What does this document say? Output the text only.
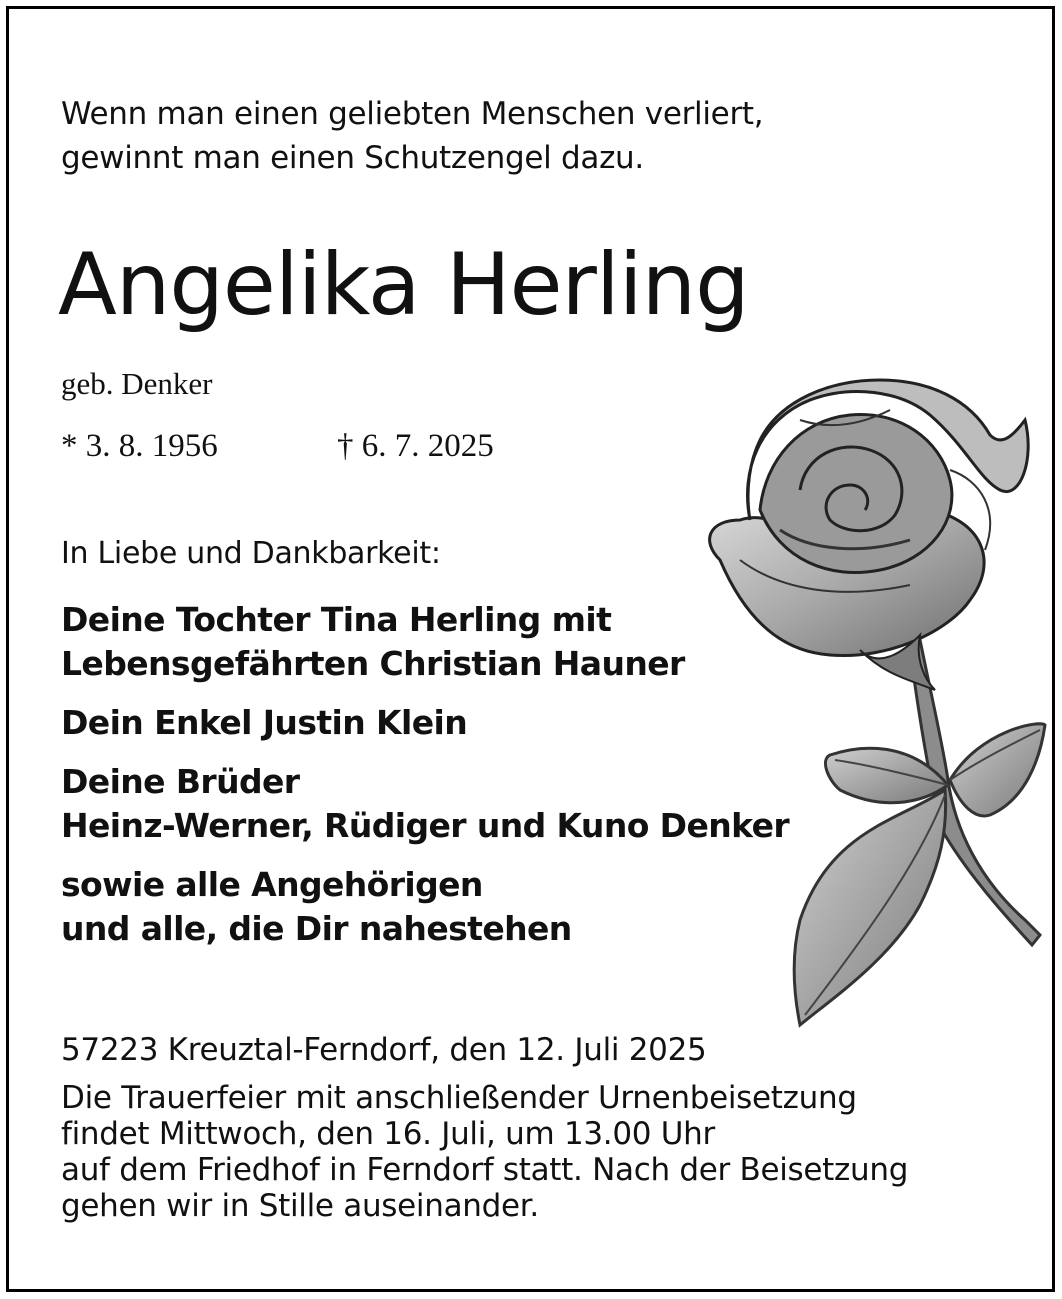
Wenn man einen geliebten Menschen verliert,
gewinnt man einen Schutzengel dazu.

Angelika Herling

geb. Denker

* 3. 8. 1956	† 6. 7. 2025

In Liebe und Dankbarkeit:

Deine Tochter Tina Herling mit
Lebensgefährten Christian Hauner

Dein Enkel Justin Klein

Deine Brüder
Heinz-Werner, Rüdiger und Kuno Denker

sowie alle Angehörigen
und alle, die Dir nahestehen

57223 Kreuztal-Ferndorf, den 12. Juli 2025

Die Trauerfeier mit anschließender Urnenbeisetzung
findet Mittwoch, den 16. Juli, um 13.00 Uhr
auf dem Friedhof in Ferndorf statt. Nach der Beisetzung
gehen wir in Stille auseinander.
